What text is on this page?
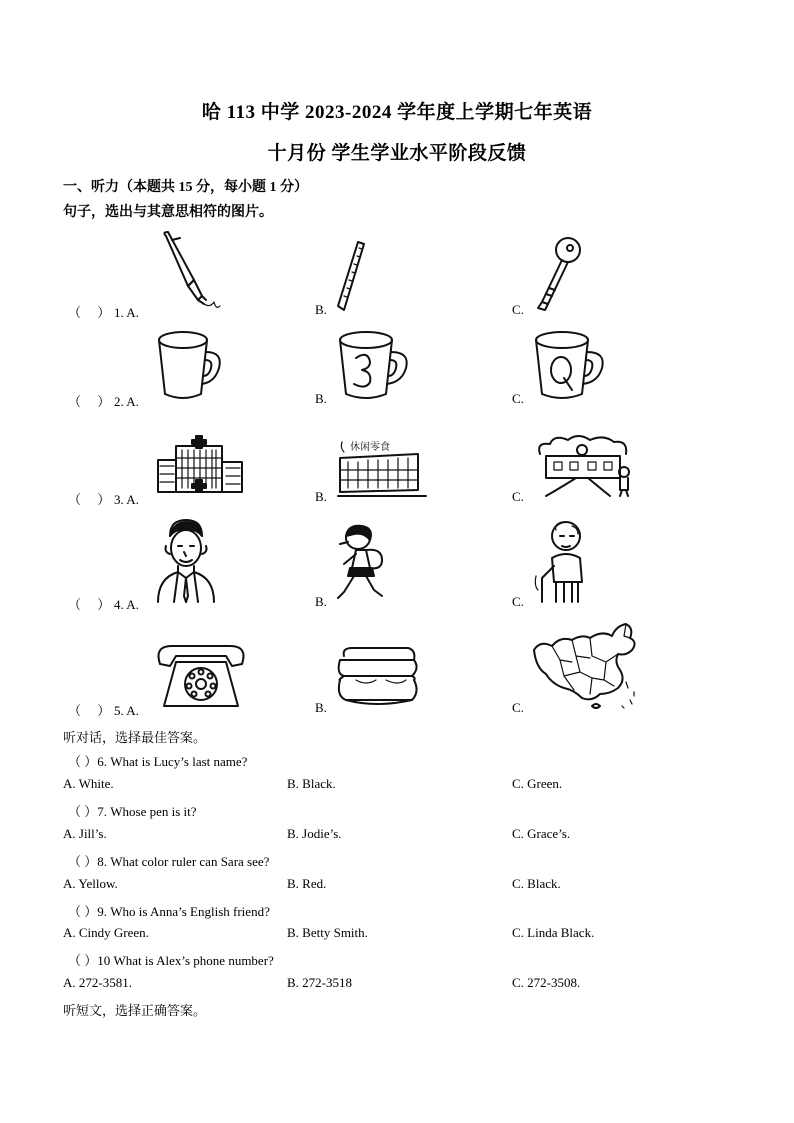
哈 113 中学 2023-2024 学年度上学期七年英语
十月份 学生学业水平阶段反馈
一、听力（本题共 15 分，每小题 1 分）
句子，选出与其意思相符的图片。
（ ） 1. A.	B.	C.
（ ） 2. A.	B.	C.
（ ） 3. A.	B.	C.
（ ） 4. A.	B.	C.
（ ） 5. A.	B.	C.
休闲零食
听对话，选择最佳答案。
（ ）6. What is Lucy’s last name?
A. White.	B. Black.	C. Green.
（ ）7. Whose pen is it?
A. Jill’s.	B. Jodie’s.	C. Grace’s.
（ ）8. What color ruler can Sara see?
A. Yellow.	B. Red.	C. Black.
（ ）9. Who is Anna’s English friend?
A. Cindy Green.	B. Betty Smith.	C. Linda Black.
（ ）10 What is Alex’s phone number?
A. 272-3581.	B. 272-3518	C. 272-3508.
听短文，选择正确答案。
